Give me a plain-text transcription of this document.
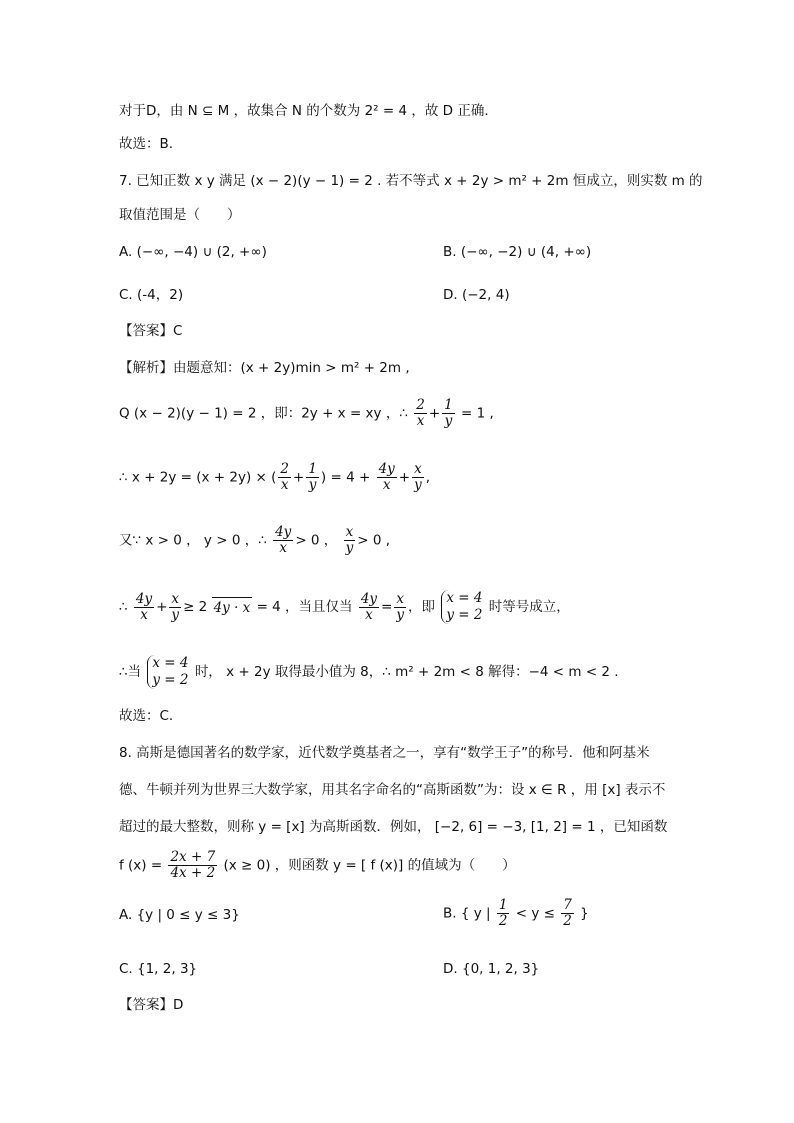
对于D，由 N ⊆ M ，故集合 N 的个数为 2² = 4 ，故 D 正确.
故选：B.
7. 已知正数 x y 满足 (x − 2)(y − 1) = 2 . 若不等式 x + 2y > m² + 2m 恒成立，则实数 m 的
取值范围是（　　）
A. (−∞, −4) ∪ (2, +∞)	B. (−∞, −2) ∪ (4, +∞)
C. (-4，2)	D. (−2, 4)
【答案】C
【解析】由题意知：(x + 2y)min > m² + 2m ,
Q (x − 2)(y − 1) = 2 ，即：2y + x = xy ，∴ $\frac{2}{x} + \frac{1}{y} = 1$ ,
∴ x + 2y = (x + 2y) × ( $\frac{2}{x} + \frac{1}{y}$ ) = $4 + \frac{4y}{x} + \frac{x}{y}$ ,
又∵ x > 0 ， y > 0 ，∴ $\frac{4y}{x} > 0$ ， $\frac{x}{y} > 0$ ,
∴ $\frac{4y}{x} + \frac{x}{y} \ge 2$ 4y · x = 4 ，当且仅当 $\frac{4y}{x} = \frac{x}{y}$ ，即
x = 4
y = 2 时等号成立，
∴当
x = 4
y = 2 时， x + 2y 取得最小值为 8，∴ m² + 2m < 8 解得：−4 < m < 2 .
故选：C.
8. 高斯是德国著名的数学家，近代数学奠基者之一，享有“数学王子”的称号．他和阿基米
德、牛顿并列为世界三大数学家，用其名字命名的“高斯函数”为：设 x ∈ R ，用 [x] 表示不
超过的最大整数，则称 y = [x] 为高斯函数．例如， [−2, 6] = −3, [1, 2] = 1 ，已知函数
f $(x) = \frac{2x + 7}{4x + 2} (x \ge 0)$ ，则函数 y = [ f (x)] 的值域为（　　）
A. {y | 0 ≤ y ≤ 3}	B. { y | $\frac{1}{2} < y \le \frac{7}{2}$ }
C. {1, 2, 3}	D. {0, 1, 2, 3}
【答案】D
